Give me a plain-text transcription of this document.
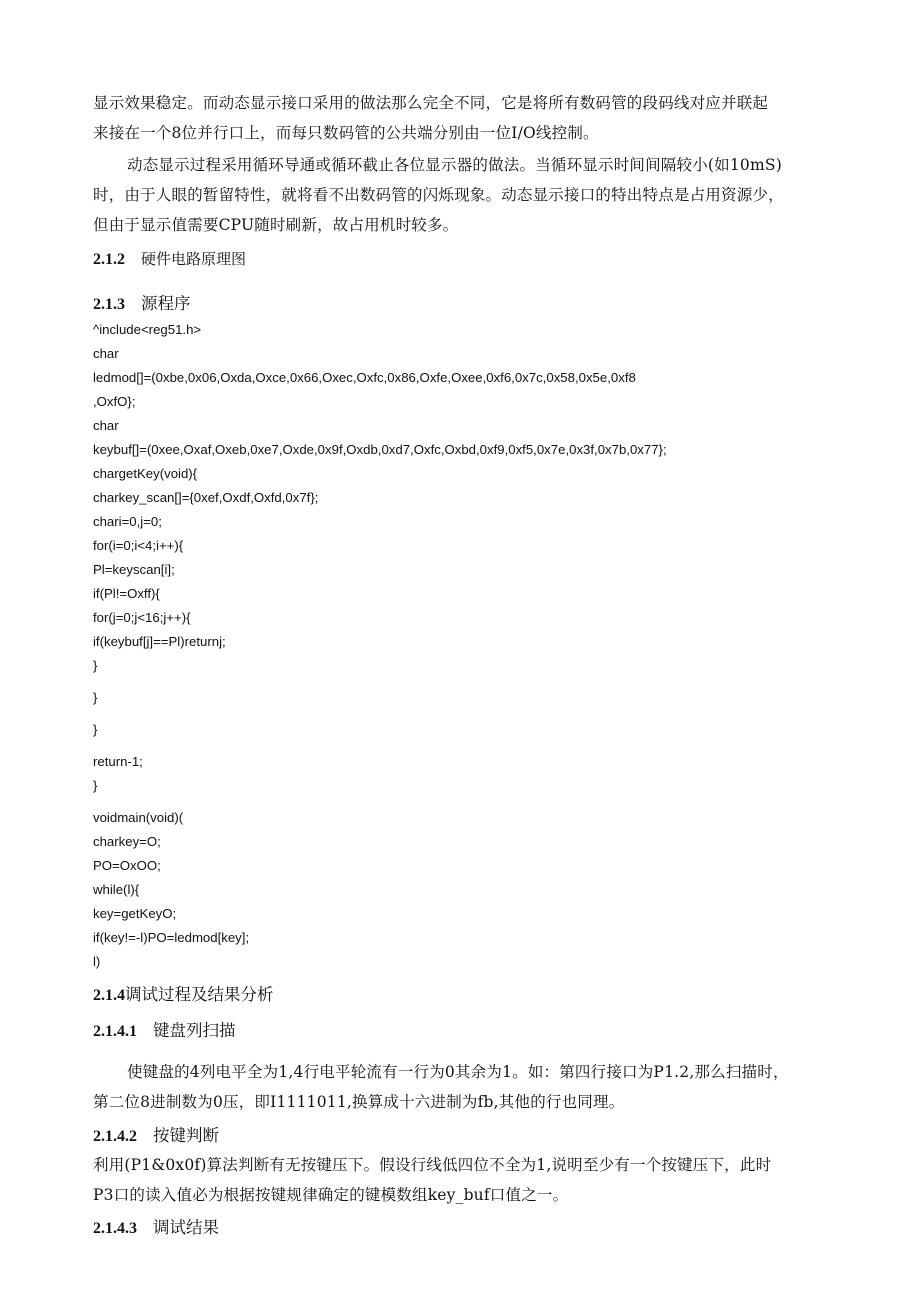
显示效果稳定。而动态显示接口采用的做法那么完全不同，它是将所有数码管的段码线对应并联起
来接在一个8位并行口上，而每只数码管的公共端分别由一位I/O线控制。
动态显示过程采用循环导通或循环截止各位显示器的做法。当循环显示时间间隔较小(如10mS)
时，由于人眼的暂留特性，就将看不出数码管的闪烁现象。动态显示接口的特出特点是占用资源少，
但由于显示值需要CPU随时刷新，故占用机时较多。
2.1.2 硬件电路原理图
2.1.3 源程序
^include<reg51.h>
char
ledmod[]=(0xbe,0x06,Oxda,Oxce,0x66,Oxec,Oxfc,0x86,Oxfe,Oxee,0xf6,0x7c,0x58,0x5e,0xf8
,OxfO};
char
keybuf[]=(0xee,Oxaf,Oxeb,0xe7,Oxde,0x9f,Oxdb,0xd7,Oxfc,Oxbd,0xf9,0xf5,0x7e,0x3f,0x7b,0x77};
chargetKey(void){
charkey_scan[]={0xef,Oxdf,Oxfd,0x7f};
chari=0,j=0;
for(i=0;i<4;i++){
Pl=keyscan[i];
if(Pl!=Oxff){
for(j=0;j<16;j++){
if(keybuf[j]==Pl)returnj;
}
}
}
return-1;
}
voidmain(void)(
charkey=O;
PO=OxOO;
while(l){
key=getKeyO;
if(key!=-l)PO=ledmod[key];
l)
2.1.4调试过程及结果分析
2.1.4.1 键盘列扫描
使键盘的4列电平全为1,4行电平轮流有一行为0其余为1。如：第四行接口为P1.2,那么扫描时，
第二位8进制数为0压，即I1111011,换算成十六进制为fb,其他的行也同理。
2.1.4.2 按键判断
利用(P1&0x0f)算法判断有无按键压下。假设行线低四位不全为1,说明至少有一个按键压下，此时
P3口的读入值必为根据按键规律确定的键模数组key_buf口值之一。
2.1.4.3 调试结果
